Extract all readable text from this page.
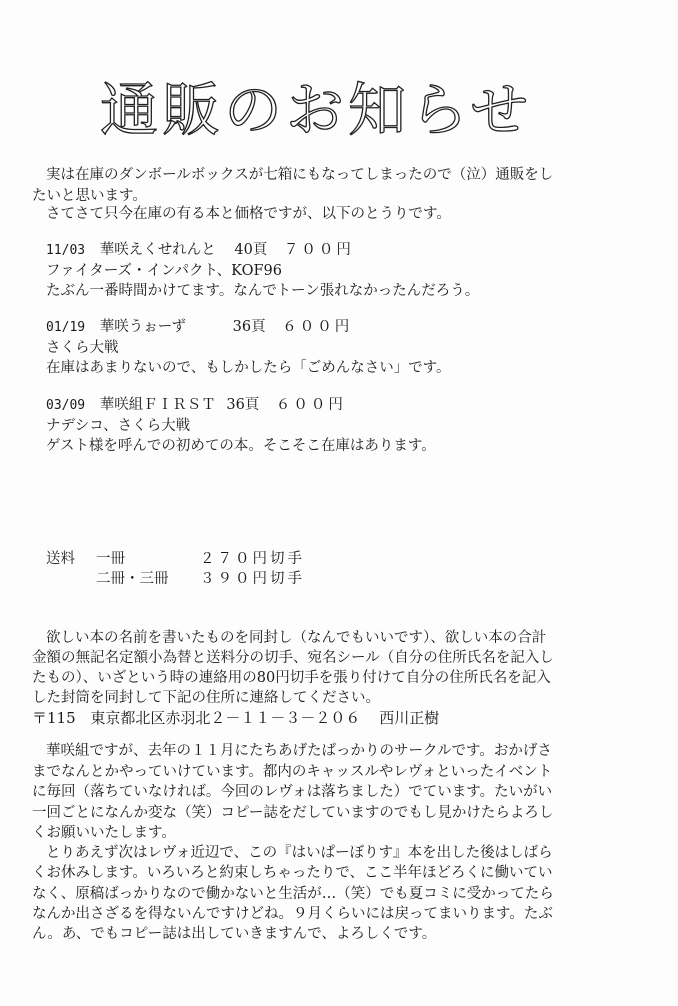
通販のお知らせ
実は在庫のダンボールボックスが七箱にもなってしまったので（泣）通販をし
たいと思います。
さてさて只今在庫の有る本と価格ですが、以下のとうりです。
11/03 華咲えくせれんと 40頁 ７００円
ファイターズ・インパクト、KOF96
たぶん一番時間かけてます。なんでトーン張れなかったんだろう。
01/19 華咲うぉーず	36頁 ６００円
さくら大戦
在庫はあまりないので、もしかしたら「ごめんなさい」です。
03/09 華咲組ＦＩＲＳＴ 36頁 ６００円
ナデシコ、さくら大戦
ゲスト様を呼んでの初めての本。そこそこ在庫はあります。
送料 一冊	２７０円切手
二冊・三冊 ３９０円切手
欲しい本の名前を書いたものを同封し（なんでもいいです）、欲しい本の合計
金額の無記名定額小為替と送料分の切手、宛名シール（自分の住所氏名を記入し
たもの）、いざという時の連絡用の80円切手を張り付けて自分の住所氏名を記入
した封筒を同封して下記の住所に連絡してください。
〒115 東京都北区赤羽北２－１１－３－２０６ 西川正樹
華咲組ですが、去年の１１月にたちあげたばっかりのサークルです。おかげさ
までなんとかやっていけています。都内のキャッスルやレヴォといったイベント
に毎回（落ちていなければ。今回のレヴォは落ちました）でています。たいがい
一回ごとになんか変な（笑）コピー誌をだしていますのでもし見かけたらよろし
くお願いいたします。
とりあえず次はレヴォ近辺で、この『はいぱーぼりす』本を出した後はしばら
くお休みします。いろいろと約束しちゃったりで、ここ半年ほどろくに働いてい
なく、原稿ばっかりなので働かないと生活が…（笑）でも夏コミに受かってたら
なんか出さざるを得ないんですけどね。９月くらいには戻ってまいります。たぶ
ん。あ、でもコピー誌は出していきますんで、よろしくです。
